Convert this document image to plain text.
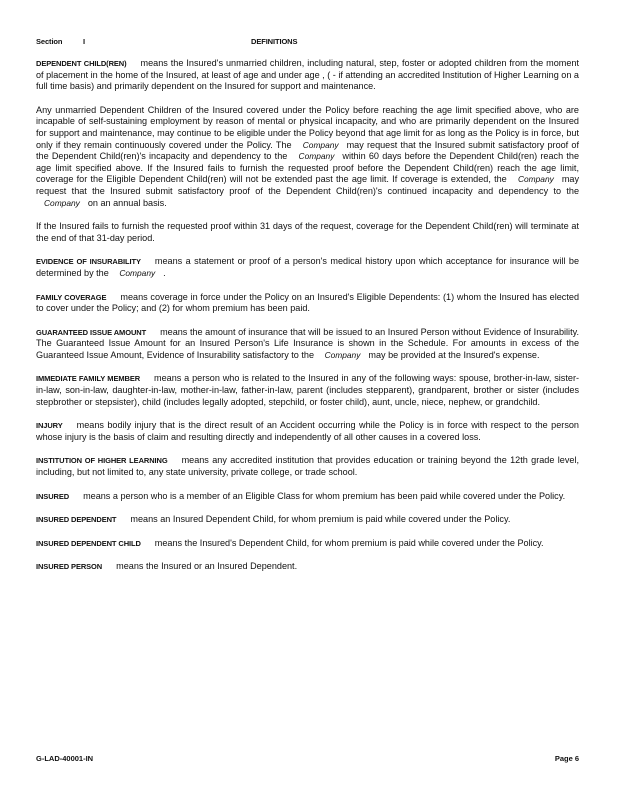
Section	I	DEFINITIONS

DEPENDENT CHILD(REN) means the Insured's unmarried children, including natural, step, foster or adopted children from the moment of placement in the home of the Insured, at least of age and under age , ( - if attending an accredited Institution of Higher Learning on a full time basis) and primarily dependent on the Insured for support and maintenance.

Any unmarried Dependent Children of the Insured covered under the Policy before reaching the age limit specified above, who are incapable of self-sustaining employment by reason of mental or physical incapacity, and who are primarily dependent on the Insured for support and maintenance, may continue to be eligible under the Policy beyond that age limit for as long as the Policy is in force, but only if they remain continuously covered under the Policy. The Company may request that the Insured submit satisfactory proof of the Dependent Child(ren)'s incapacity and dependency to the Company within 60 days before the Dependent Child(ren) reach the age limit specified above. If the Insured fails to furnish the requested proof before the Dependent Child(ren) reach the age limit, coverage for the Eligible Dependent Child(ren) will not be extended past the age limit. If coverage is extended, the Company may request that the Insured submit satisfactory proof of the Dependent Child(ren)'s continued incapacity and dependency to the Company on an annual basis.

If the Insured fails to furnish the requested proof within 31 days of the request, coverage for the Dependent Child(ren) will terminate at the end of that 31-day period.

EVIDENCE OF INSURABILITY means a statement or proof of a person's medical history upon which acceptance for insurance will be determined by the Company .

FAMILY COVERAGE means coverage in force under the Policy on an Insured's Eligible Dependents: (1) whom the Insured has elected to cover under the Policy; and (2) for whom premium has been paid.

GUARANTEED ISSUE AMOUNT means the amount of insurance that will be issued to an Insured Person without Evidence of Insurability. The Guaranteed Issue Amount for an Insured Person's Life Insurance is shown in the Schedule. For amounts in excess of the Guaranteed Issue Amount, Evidence of Insurability satisfactory to the Company may be provided at the Insured's expense.

IMMEDIATE FAMILY MEMBER means a person who is related to the Insured in any of the following ways: spouse, brother-in-law, sister-in-law, son-in-law, daughter-in-law, mother-in-law, father-in-law, parent (includes stepparent), grandparent, brother or sister (includes stepbrother or stepsister), child (includes legally adopted, stepchild, or foster child), aunt, uncle, niece, nephew, or grandchild.

INJURY means bodily injury that is the direct result of an Accident occurring while the Policy is in force with respect to the person whose injury is the basis of claim and resulting directly and independently of all other causes in a covered loss.

INSTITUTION OF HIGHER LEARNING means any accredited institution that provides education or training beyond the 12th grade level, including, but not limited to, any state university, private college, or trade school.

INSURED means a person who is a member of an Eligible Class for whom premium has been paid while covered under the Policy.

INSURED DEPENDENT means an Insured Dependent Child, for whom premium is paid while covered under the Policy.

INSURED DEPENDENT CHILD means the Insured's Dependent Child, for whom premium is paid while covered under the Policy.

INSURED PERSON means the Insured or an Insured Dependent.

G-LAD-40001-IN	Page 6
